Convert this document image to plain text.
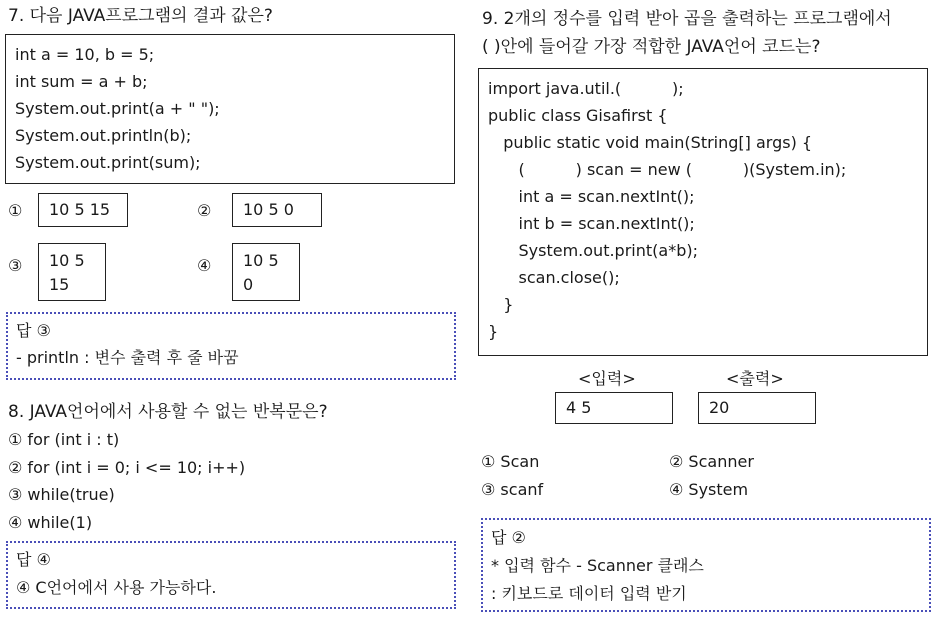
7. 다음 JAVA프로그램의 결과 값은?
int a = 10, b = 5;
int sum = a + b;
System.out.print(a + " ");
System.out.println(b);
System.out.print(sum);
① 10 5 15	② 10 5 0
③ 10 5
15
④ 10 5
0
답 ③
- println : 변수 출력 후 줄 바꿈
8. JAVA언어에서 사용할 수 없는 반복문은?
① for (int i : t)
② for (int i = 0; i <= 10; i++)
③ while(true)
④ while(1)
답 ④
④ C언어에서 사용 가능하다.
9. 2개의 정수를 입력 받아 곱을 출력하는 프로그램에서
( )안에 들어갈 가장 적합한 JAVA언어 코드는?
import java.util.(          );
public class Gisafirst {
public static void main(String[] args) {
(          ) scan = new (          )(System.in);
int a = scan.nextInt();
int b = scan.nextInt();
System.out.print(a*b);
scan.close();
}
}
<입력>	<출력>
4 5	20
① Scan	② Scanner
③ scanf	④ System
답 ②
* 입력 함수 - Scanner 클래스
: 키보드로 데이터 입력 받기
